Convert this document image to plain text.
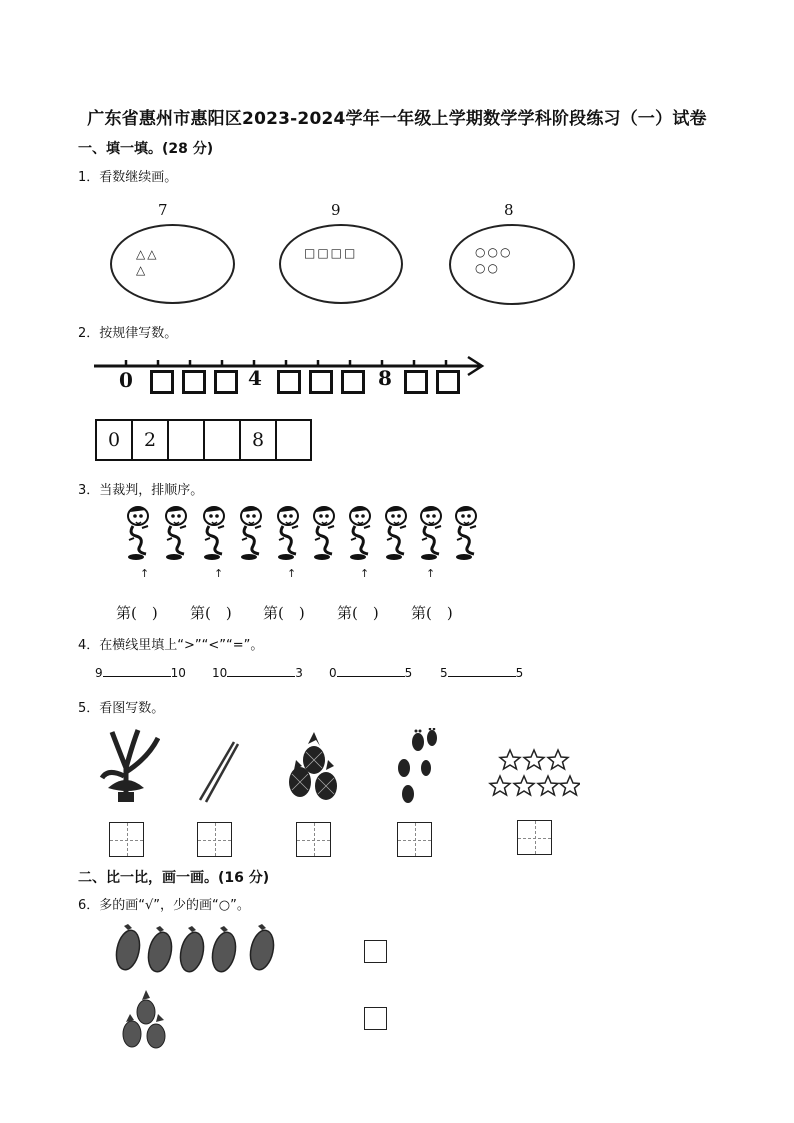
广东省惠州市惠阳区2023-2024学年一年级上学期数学学科阶段练习（一）试卷
一、填一填。(28 分)
1．看数继续画。
7
△△
△
9
□□□□
8
○○○
○○
2．按规律写数。
0	4	8
0	2	8
3．当裁判，排顺序。
↑	↑	↑	↑	↑
第(　) 第(　) 第(　) 第(　) 第(　)
4．在横线里填上“>”“<”“=”。
9	10 10	3 0	5 5	5
5．看图写数。
二、比一比，画一画。(16 分)
6．多的画“√”，少的画“○”。
